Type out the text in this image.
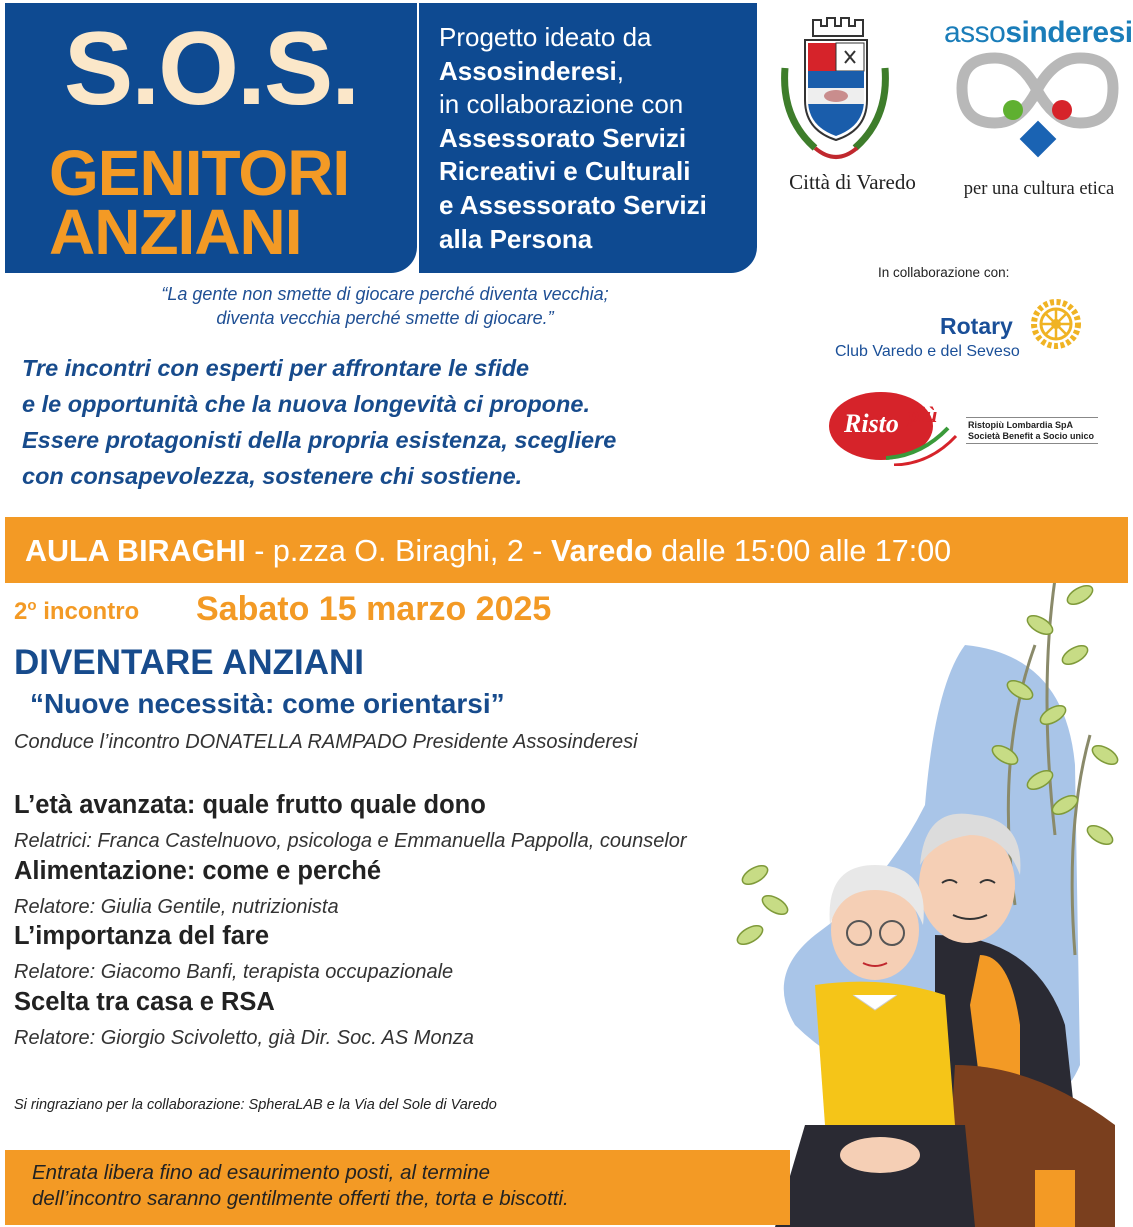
S.O.S.
GENITORI
ANZIANI
Progetto ideato da
Assosinderesi,
in collaborazione con
Assessorato Servizi
Ricreativi e Culturali
e Assessorato Servizi
alla Persona
Città di Varedo
assosinderesi
per una cultura etica
In collaborazione con:
Rotary
Club Varedo e del Seveso
Risto più	Ristopiù Lombardia SpA
Società Benefit a Socio unico
“La gente non smette di giocare perché diventa vecchia;
diventa vecchia perché smette di giocare.”
Tre incontri con esperti per affrontare le sfide
e le opportunità che la nuova longevità ci propone.
Essere protagonisti della propria esistenza, scegliere
con consapevolezza, sostenere chi sostiene.
AULA BIRAGHI - p.zza O. Biraghi, 2 - Varedo dalle 15:00 alle 17:00
2$^o$ incontro Sabato 15 marzo 2025
DIVENTARE ANZIANI
“Nuove necessità: come orientarsi”
Conduce l’incontro DONATELLA RAMPADO Presidente Assosinderesi
L’età avanzata: quale frutto quale dono
Relatrici: Franca Castelnuovo, psicologa e Emmanuella Pappolla, counselor
Alimentazione: come e perché
Relatore: Giulia Gentile, nutrizionista
L’importanza del fare
Relatore: Giacomo Banfi, terapista occupazionale
Scelta tra casa e RSA
Relatore: Giorgio Scivoletto, già Dir. Soc. AS Monza
Si ringraziano per la collaborazione: SpheraLAB e la Via del Sole di Varedo
Entrata libera fino ad esaurimento posti, al termine
dell’incontro saranno gentilmente offerti the, torta e biscotti.
